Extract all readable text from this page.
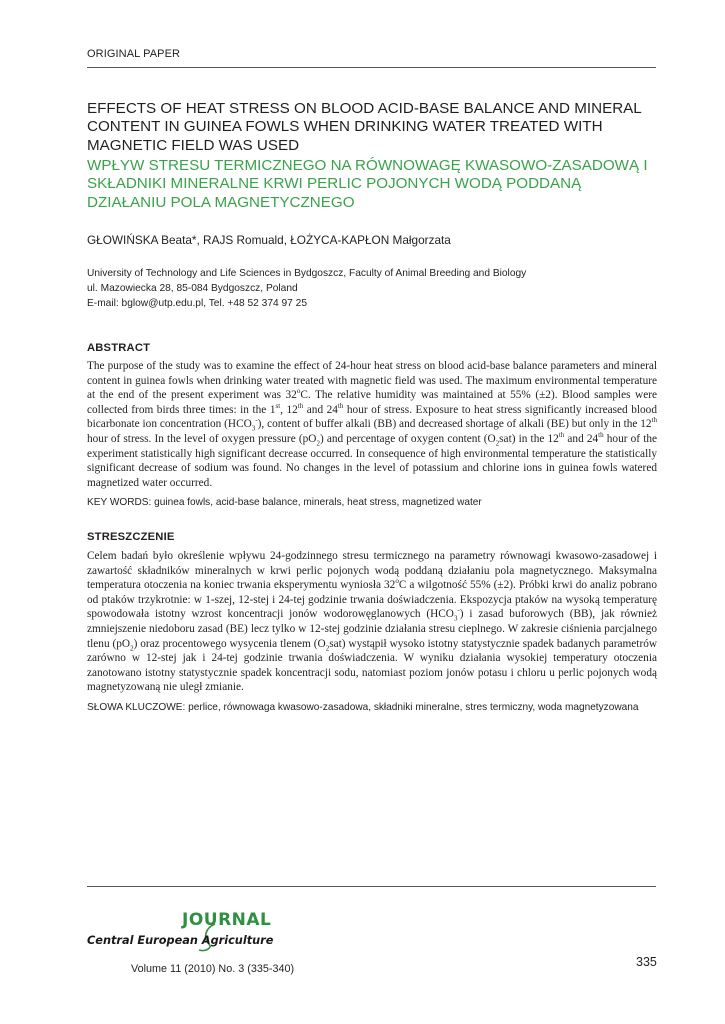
ORIGINAL PAPER
EFFECTS OF HEAT STRESS ON BLOOD ACID-BASE BALANCE AND MINERAL CONTENT IN GUINEA FOWLS WHEN DRINKING WATER TREATED WITH MAGNETIC FIELD WAS USED
WPŁYW STRESU TERMICZNEGO NA RÓWNOWAGĘ KWASOWO-ZASADOWĄ I SKŁADNIKI MINERALNE KRWI PERLIC POJONYCH WODĄ PODDANĄ DZIAŁANIU POLA MAGNETYCZNEGO
GŁOWIŃSKA Beata*, RAJS Romuald, ŁOŻYCA-KAPŁON Małgorzata
University of Technology and Life Sciences in Bydgoszcz, Faculty of Animal Breeding and Biology
ul. Mazowiecka 28, 85-084 Bydgoszcz, Poland
E-mail: bglow@utp.edu.pl, Tel. +48 52 374 97 25
ABSTRACT

The purpose of the study was to examine the effect of 24-hour heat stress on blood acid-base balance parameters and mineral content in guinea fowls when drinking water treated with magnetic field was used. The maximum environmental temperature at the end of the present experiment was 32$^o$C. The relative humidity was maintained at 55% (±2). Blood samples were collected from birds three times: in the 1st, 12th and 24th hour of stress. Exposure to heat stress significantly increased blood bicarbonate ion concentration $(HCO_3^-)$, content of buffer alkali (BB) and decreased shortage of alkali (BE) but only in the 12th hour of stress. In the level of oxygen pressure $(pO_2)$ and percentage of oxygen content $(O_2sat)$ in the 12th and 24th hour of the experiment statistically high significant decrease occurred. In consequence of high environmental temperature the statistically significant decrease of sodium was found. No changes in the level of potassium and chlorine ions in guinea fowls watered magnetized water occurred.

KEY WORDS: guinea fowls, acid-base balance, minerals, heat stress, magnetized water
STRESZCZENIE

Celem badań było określenie wpływu 24-godzinnego stresu termicznego na parametry równowagi kwasowo-zasadowej i zawartość składników mineralnych w krwi perlic pojonych wodą poddaną działaniu pola magnetycznego. Maksymalna temperatura otoczenia na koniec trwania eksperymentu wyniosła 32$^o$C a wilgotność 55% (±2). Próbki krwi do analiz pobrano od ptaków trzykrotnie: w 1-szej, 12-stej i 24-tej godzinie trwania doświadczenia. Ekspozycja ptaków na wysoką temperaturę spowodowała istotny wzrost koncentracji jonów wodorowęglanowych $(HCO_3^-)$ i zasad buforowych (BB), jak również zmniejszenie niedoboru zasad (BE) lecz tylko w 12-stej godzinie działania stresu cieplnego. W zakresie ciśnienia parcjalnego tlenu $(pO_2)$ oraz procentowego wysycenia tlenem $(O_2sat)$ wystąpił wysoko istotny statystycznie spadek badanych parametrów zarówno w 12-stej jak i 24-tej godzinie trwania doświadczenia. W wyniku działania wysokiej temperatury otoczenia zanotowano istotny statystycznie spadek koncentracji sodu, natomiast poziom jonów potasu i chloru u perlic pojonych wodą magnetyzowaną nie uległ zmianie.

SŁOWA KLUCZOWE: perlice, równowaga kwasowo-zasadowa, składniki mineralne, stres termiczny, woda magnetyzowana
JOURNAL
Central European Agriculture
Volume 11 (2010) No. 3 (335-340)	335
